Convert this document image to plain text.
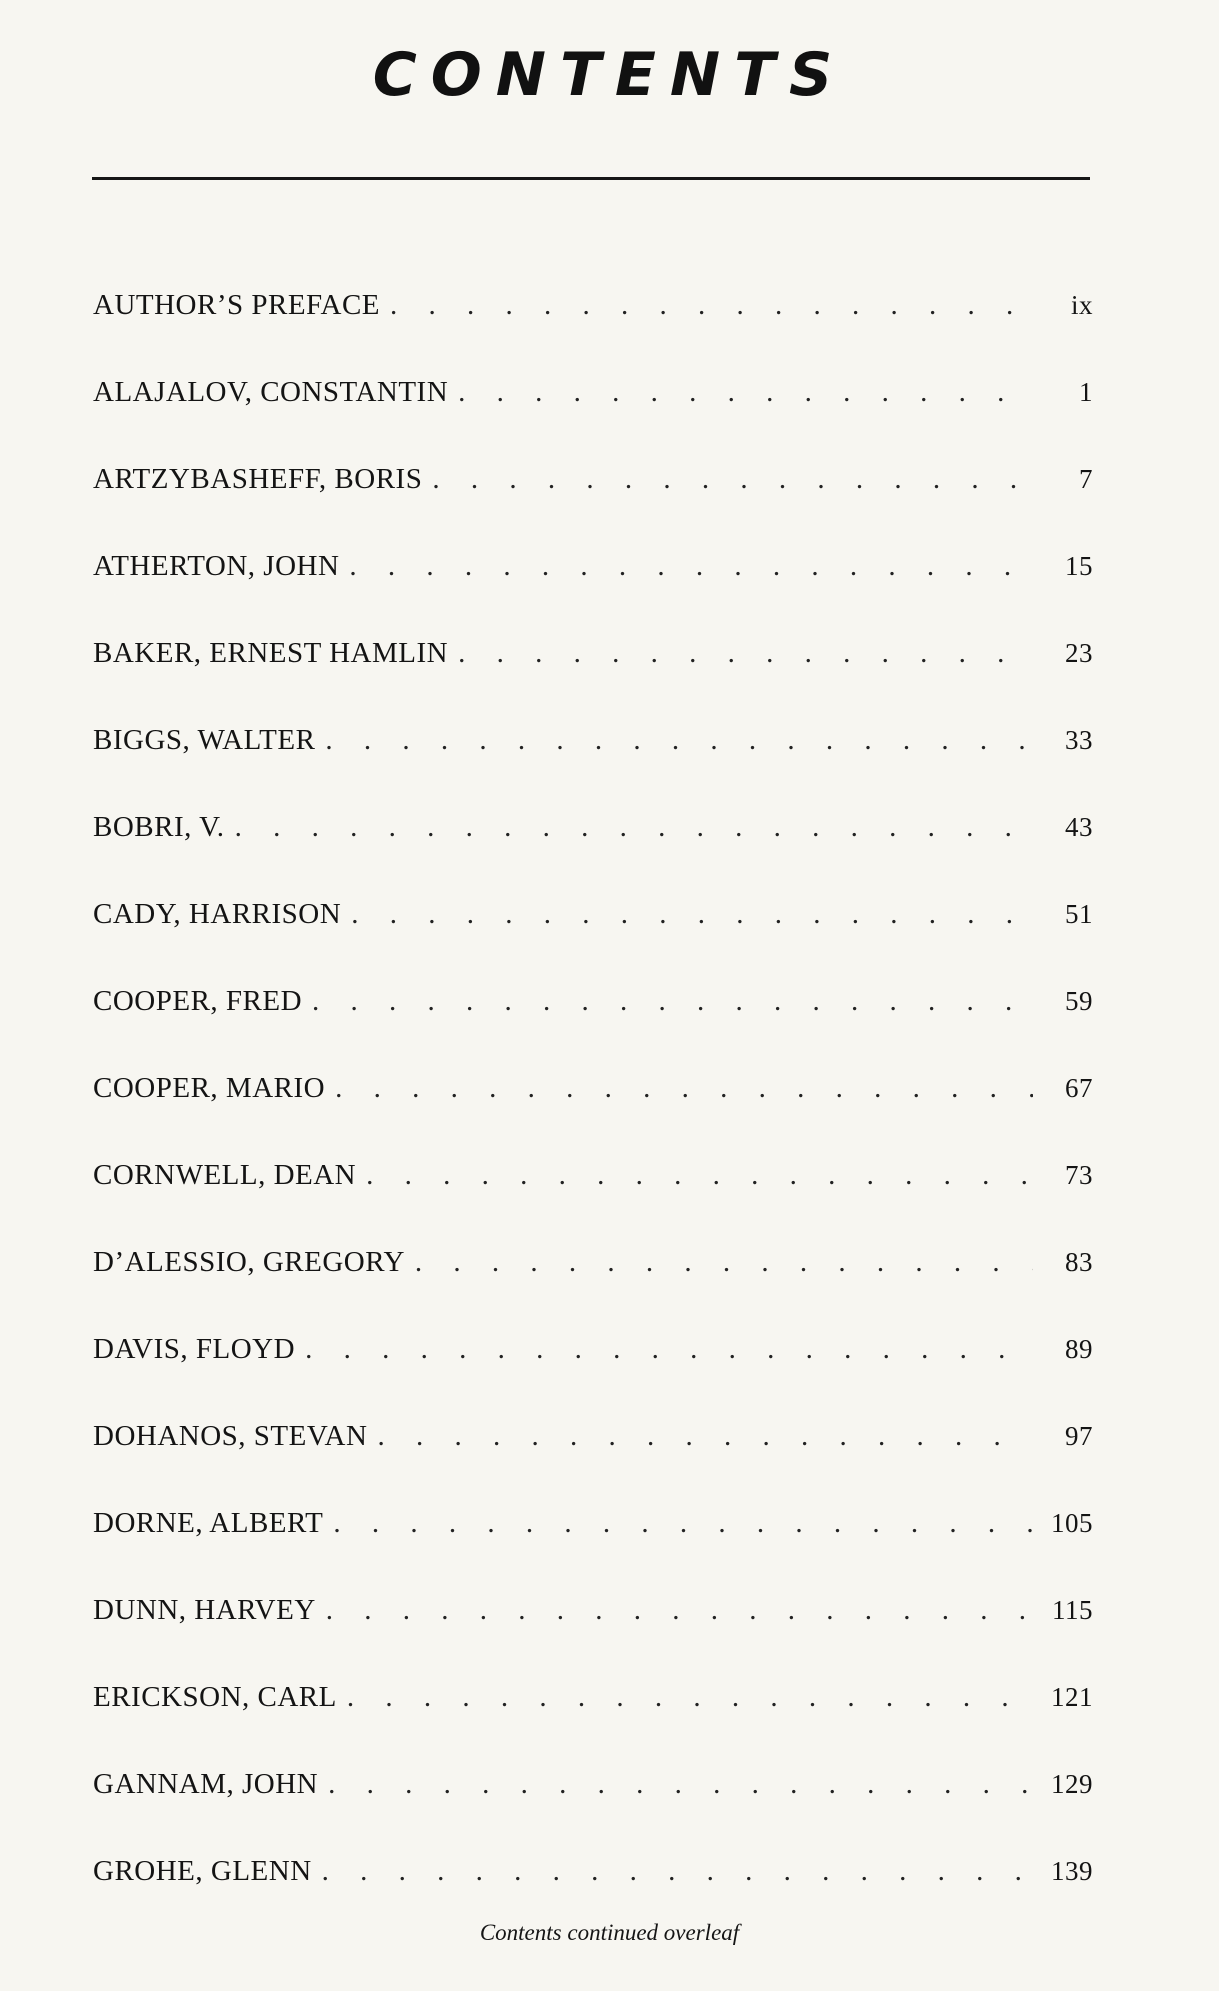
CONTENTS
AUTHOR’S PREFACE . . .	ix
ALAJALOV, CONSTANTIN . . .	1
ARTZYBASHEFF, BORIS . . .	7
ATHERTON, JOHN . . .	15
BAKER, ERNEST HAMLIN . . .	23
BIGGS, WALTER . . .	33
BOBRI, V. . . .	43
CADY, HARRISON . . .	51
COOPER, FRED . . .	59
COOPER, MARIO . . .	67
CORNWELL, DEAN . . .	73
D’ALESSIO, GREGORY . . .	83
DAVIS, FLOYD . . .	89
DOHANOS, STEVAN . . .	97
DORNE, ALBERT . . .	105
DUNN, HARVEY . . .	115
ERICKSON, CARL . . .	121
GANNAM, JOHN . . .	129
GROHE, GLENN . . .	139
Contents continued overleaf
